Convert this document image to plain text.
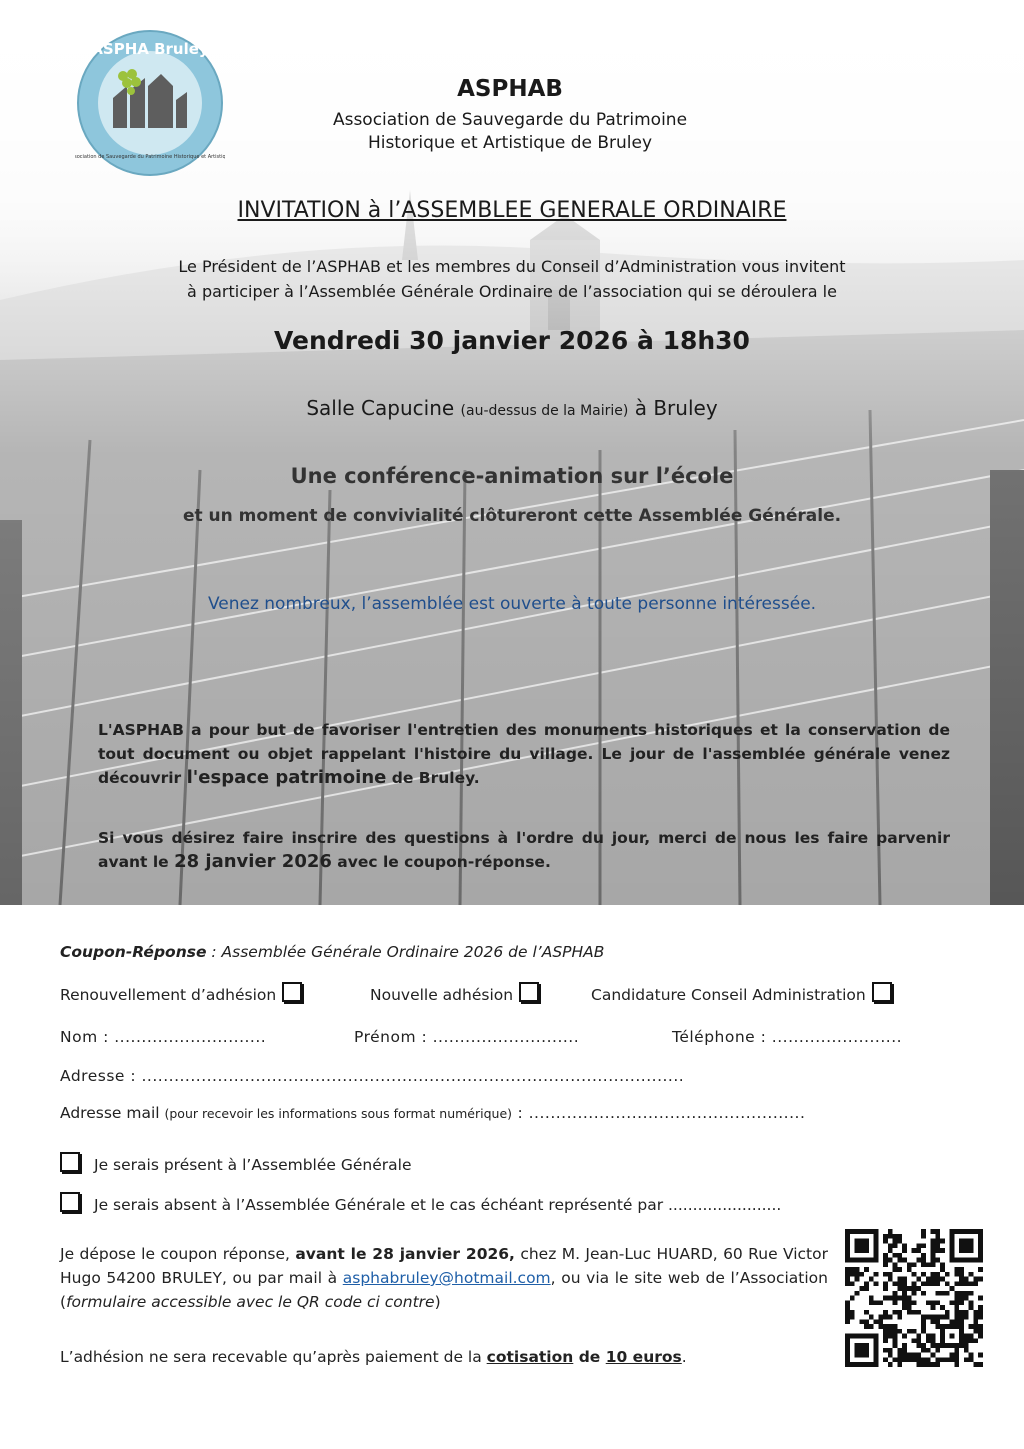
ASPHA Bruley
Association de Sauvegarde du Patrimoine Historique et Artistique
ASPHAB
Association de Sauvegarde du Patrimoine
Historique et Artistique de Bruley
INVITATION à l’ASSEMBLEE GENERALE ORDINAIRE
Le Président de l’ASPHAB et les membres du Conseil d’Administration vous invitent
à participer à l’Assemblée Générale Ordinaire de l’association qui se déroulera le
Vendredi 30 janvier 2026 à 18h30
Salle Capucine (au-dessus de la Mairie) à Bruley
Une conférence-animation sur l’école
et un moment de convivialité clôtureront cette Assemblée Générale.
Venez nombreux, l’assemblée est ouverte à toute personne intéressée.
L'ASPHAB a pour but de favoriser l'entretien des monuments historiques et la conservation de tout document ou objet rappelant l'histoire du village. Le jour de l'assemblée générale venez découvrir l'espace patrimoine de Bruley.
Si vous désirez faire inscrire des questions à l'ordre du jour, merci de nous les faire parvenir avant le 28 janvier 2026 avec le coupon-réponse.
Coupon-Réponse : Assemblée Générale Ordinaire 2026 de l’ASPHAB
Renouvellement d’adhésion	Nouvelle adhésion	Candidature Conseil Administration
Nom : ............................	Prénom : ...........................	Téléphone : ........................
Adresse : ....................................................................................................
Adresse mail (pour recevoir les informations sous format numérique) : ...................................................
Je serais présent à l’Assemblée Générale
Je serais absent à l’Assemblée Générale et le cas échéant représenté par .......................
Je dépose le coupon réponse, avant le 28 janvier 2026, chez M. Jean-Luc HUARD, 60 Rue Victor Hugo 54200 BRULEY, ou par mail à asphabruley@hotmail.com, ou via le site web de l’Association (formulaire accessible avec le QR code ci contre)
L’adhésion ne sera recevable qu’après paiement de la cotisation de 10 euros.
